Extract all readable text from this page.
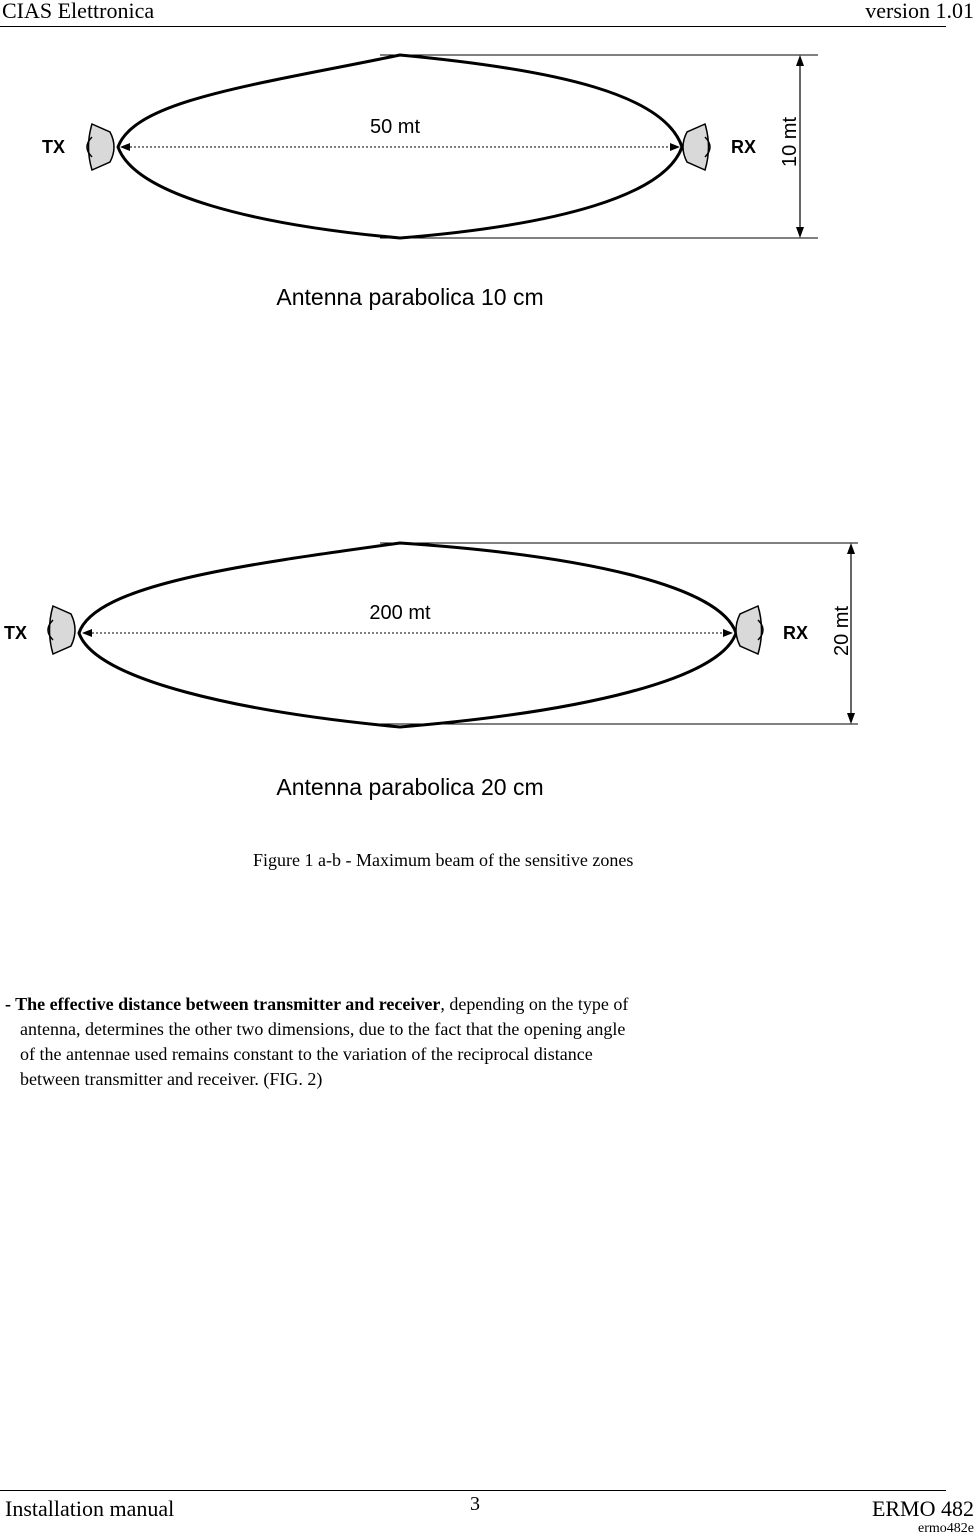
CIAS Elettronica	version 1.01
TX	RX
50 mt	10 mt
Antenna parabolica 10 cm
TX	RX
200 mt	20 mt
Antenna parabolica 20 cm
Figure 1 a-b - Maximum beam of the sensitive zones
- The effective distance between transmitter and receiver, depending on the type of
antenna, determines the other two dimensions, due to the fact that the opening angle
of the antennae used remains constant to the variation of the reciprocal distance
between transmitter and receiver. (FIG. 2)
Installation manual	3	ERMO 482
ermo482e
